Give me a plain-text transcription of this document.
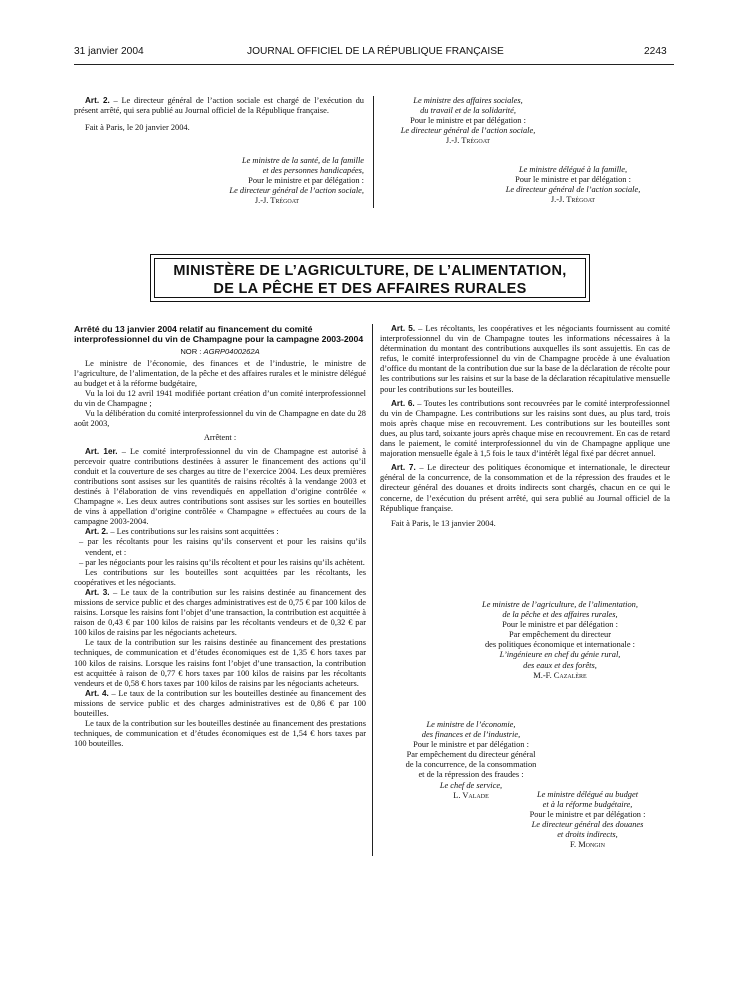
31 janvier 2004	JOURNAL OFFICIEL DE LA RÉPUBLIQUE FRANÇAISE	2243

Art. 2. – Le directeur général de l’action sociale est chargé de l’exécution du présent arrêté, qui sera publié au Journal officiel de la République française.

Fait à Paris, le 20 janvier 2004.

Le ministre de la santé, de la famille

et des personnes handicapées,

Pour le ministre et par délégation :

Le directeur général de l’action sociale,

J.-J. Trégoat

Le ministre des affaires sociales,

du travail et de la solidarité,

Pour le ministre et par délégation :

Le directeur général de l’action sociale,

J.-J. Trégoat

Le ministre délégué à la famille,

Pour le ministre et par délégation :

Le directeur général de l’action sociale,

J.-J. Trégoat

MINISTÈRE DE L’AGRICULTURE, DE L’ALIMENTATION,
DE LA PÊCHE ET DES AFFAIRES RURALES

Arrêté du 13 janvier 2004 relatif au financement du comité interprofessionnel du vin de Champagne pour la campagne 2003-2004

NOR : AGRP0400262A

Le ministre de l’économie, des finances et de l’industrie, le ministre de l’agriculture, de l’alimentation, de la pêche et des affaires rurales et le ministre délégué au budget et à la réforme budgétaire,

Vu la loi du 12 avril 1941 modifiée portant création d’un comité interprofessionnel du vin de Champagne ;

Vu la délibération du comité interprofessionnel du vin de Champagne en date du 28 août 2003,

Arrêtent :

Art. 1er. – Le comité interprofessionnel du vin de Champagne est autorisé à percevoir quatre contributions destinées à assurer le financement des actions qu’il conduit et la couverture de ses charges au titre de l’exercice 2004. Les deux premières contributions sont assises sur les quantités de raisins récoltés à la vendange 2003 et destinés à l’élaboration de vins revendiqués en appellation d’origine contrôlée « Champagne ». Les deux autres contributions sont assises sur les sorties en bouteilles de vins à appellation d’origine contrôlée « Champagne » effectuées au cours de la campagne 2003-2004.

Art. 2. – Les contributions sur les raisins sont acquittées :

– par les récoltants pour les raisins qu’ils conservent et pour les raisins qu’ils vendent, et :
– par les négociants pour les raisins qu’ils récoltent et pour les raisins qu’ils achètent.

Les contributions sur les bouteilles sont acquittées par les récoltants, les coopératives et les négociants.

Art. 3. – Le taux de la contribution sur les raisins destinée au financement des missions de service public et des charges administratives est de 0,75 € par 100 kilos de raisins. Lorsque les raisins font l’objet d’une transaction, la contribution est acquittée à raison de 0,43 € par 100 kilos de raisins par les récoltants vendeurs et de 0,32 € par 100 kilos de raisins par les négociants acheteurs.

Le taux de la contribution sur les raisins destinée au financement des prestations techniques, de communication et d’études économiques est de 1,35 € hors taxes par 100 kilos de raisins. Lorsque les raisins font l’objet d’une transaction, la contribution est acquittée à raison de 0,77 € hors taxes par 100 kilos de raisins par les récoltants vendeurs et de 0,58 € hors taxes par 100 kilos de raisins par les négociants acheteurs.

Art. 4. – Le taux de la contribution sur les bouteilles destinée au financement des missions de service public et des charges administratives est de 0,86 € par 100 bouteilles.

Le taux de la contribution sur les bouteilles destinée au financement des prestations techniques, de communication et d’études économiques est de 1,54 € hors taxes par 100 bouteilles.

Art. 5. – Les récoltants, les coopératives et les négociants fournissent au comité interprofessionnel du vin de Champagne toutes les informations nécessaires à la détermination du montant des contributions auxquelles ils sont assujettis. En cas de refus, le comité interprofessionnel du vin de Champagne procède à une évaluation d’office du montant de la contribution due sur la base de la déclaration de récolte pour les contributions sur les raisins et sur la base de la déclaration récapitulative mensuelle pour les contributions sur les bouteilles.

Art. 6. – Toutes les contributions sont recouvrées par le comité interprofessionnel du vin de Champagne. Les contributions sur les raisins sont dues, au plus tard, trois mois après chaque mise en recouvrement. Les contributions sur les bouteilles sont dues, au plus tard, soixante jours après chaque mise en recouvrement. En cas de retard dans le paiement, le comité interprofessionnel du vin de Champagne applique une majoration mensuelle égale à 1,5 fois le taux d’intérêt légal fixé par décret annuel.

Art. 7. – Le directeur des politiques économique et internationale, le directeur général de la concurrence, de la consommation et de la répression des fraudes et le directeur général des douanes et droits indirects sont chargés, chacun en ce qui le concerne, de l’exécution du présent arrêté, qui sera publié au Journal officiel de la République française.

Fait à Paris, le 13 janvier 2004.

Le ministre de l’agriculture, de l’alimentation,

de la pêche et des affaires rurales,

Pour le ministre et par délégation :

Par empêchement du directeur

des politiques économique et internationale :

L’ingénieure en chef du génie rural,

des eaux et des forêts,

M.-F. Cazalère

Le ministre de l’économie,

des finances et de l’industrie,

Pour le ministre et par délégation :

Par empêchement du directeur général

de la concurrence, de la consommation

et de la répression des fraudes :

Le chef de service,

L. Valade	Le ministre délégué au budget

et à la réforme budgétaire,

Pour le ministre et par délégation :

Le directeur général des douanes

et droits indirects,

F. Mongin
